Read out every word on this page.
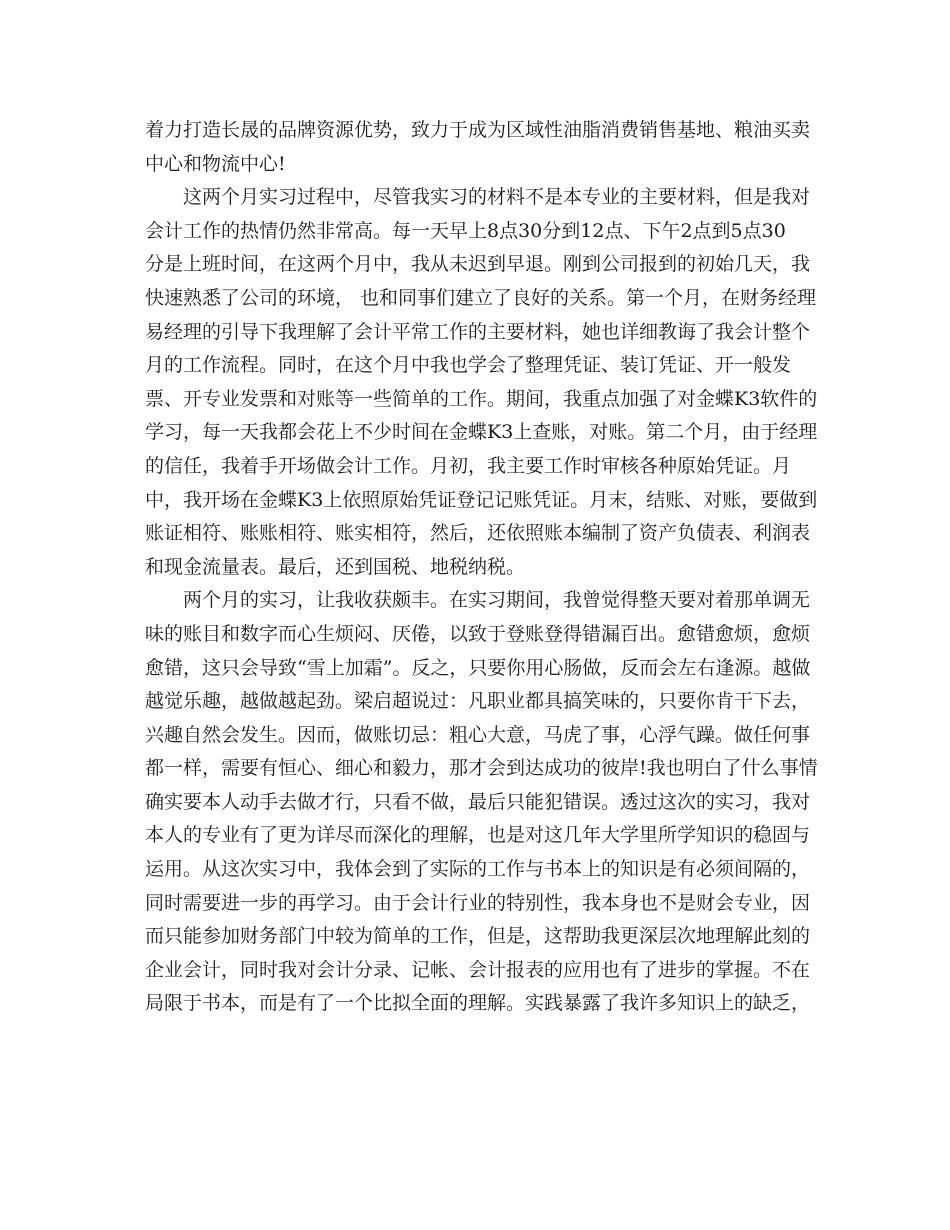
着力打造长晟的品牌资源优势，致力于成为区域性油脂消费销售基地、粮油买卖
中心和物流中心!
这两个月实习过程中，尽管我实习的材料不是本专业的主要材料，但是我对
会计工作的热情仍然非常高。每一天早上8点30分到12点、下午2点到5点30
分是上班时间，在这两个月中，我从未迟到早退。刚到公司报到的初始几天，我
快速熟悉了公司的环境， 也和同事们建立了良好的关系。第一个月，在财务经理
易经理的引导下我理解了会计平常工作的主要材料，她也详细教诲了我会计整个
月的工作流程。同时，在这个月中我也学会了整理凭证、装订凭证、开一般发
票、开专业发票和对账等一些简单的工作。期间，我重点加强了对金蝶K3软件的
学习，每一天我都会花上不少时间在金蝶K3上查账，对账。第二个月，由于经理
的信任，我着手开场做会计工作。月初，我主要工作时审核各种原始凭证。月
中，我开场在金蝶K3上依照原始凭证登记记账凭证。月末，结账、对账，要做到
账证相符、账账相符、账实相符，然后，还依照账本编制了资产负债表、利润表
和现金流量表。最后，还到国税、地税纳税。
两个月的实习，让我收获颇丰。在实习期间，我曾觉得整天要对着那单调无
味的账目和数字而心生烦闷、厌倦，以致于登账登得错漏百出。愈错愈烦，愈烦
愈错，这只会导致“雪上加霜”。反之，只要你用心肠做，反而会左右逢源。越做
越觉乐趣，越做越起劲。梁启超说过：凡职业都具搞笑味的，只要你肯干下去，
兴趣自然会发生。因而，做账切忌：粗心大意，马虎了事，心浮气躁。做任何事
都一样，需要有恒心、细心和毅力，那才会到达成功的彼岸!我也明白了什么事情
确实要本人动手去做才行，只看不做，最后只能犯错误。透过这次的实习，我对
本人的专业有了更为详尽而深化的理解，也是对这几年大学里所学知识的稳固与
运用。从这次实习中，我体会到了实际的工作与书本上的知识是有必须间隔的，
同时需要进一步的再学习。由于会计行业的特别性，我本身也不是财会专业，因
而只能参加财务部门中较为简单的工作，但是，这帮助我更深层次地理解此刻的
企业会计，同时我对会计分录、记帐、会计报表的应用也有了进步的掌握。不在
局限于书本，而是有了一个比拟全面的理解。实践暴露了我许多知识上的缺乏，
